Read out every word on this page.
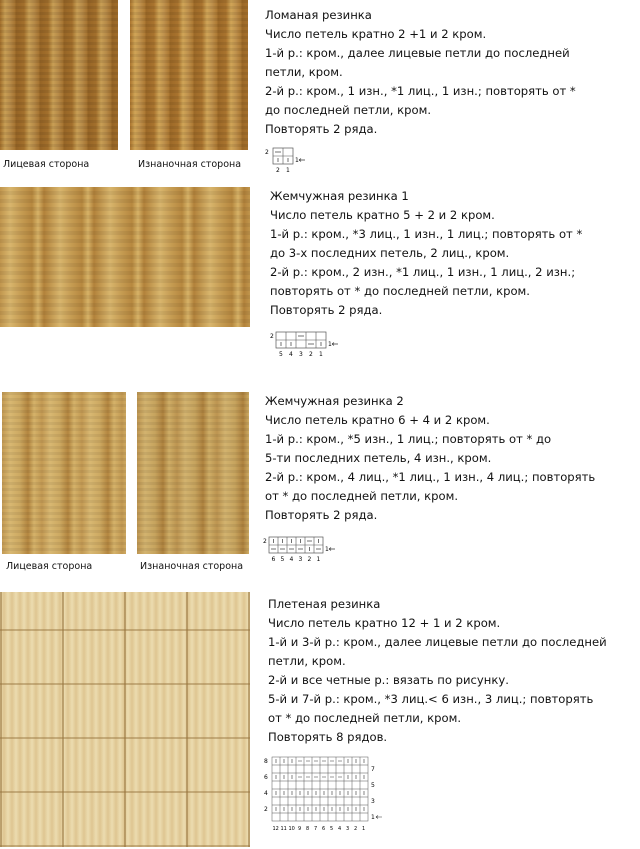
Лицевая сторона	Изнаночная сторона
Ломаная резинка
Число петель кратно 2 +1 и 2 кром.
1-й р.: кром., далее лицевые петли до последней
петли, кром.
2-й р.: кром., 1 изн., *1 лиц., 1 изн.; повторять от *
до последней петли, кром.
Повторять 2 ряда.
2
1
2 1
Жемчужная резинка 1
Число петель кратно 5 + 2 и 2 кром.
1-й р.: кром., *3 лиц., 1 изн., 1 лиц.; повторять от *
до 3-х последних петель, 2 лиц., кром.
2-й р.: кром., 2 изн., *1 лиц., 1 изн., 1 лиц., 2 изн.;
повторять от * до последней петли, кром.
Повторять 2 ряда.
2
1
5 4 3 2 1
Лицевая сторона	Изнаночная сторона
Жемчужная резинка 2
Число петель кратно 6 + 4 и 2 кром.
1-й р.: кром., *5 изн., 1 лиц.; повторять от * до
5-ти последних петель, 4 изн., кром.
2-й р.: кром., 4 лиц., *1 лиц., 1 изн., 4 лиц.; повторять
от * до последней петли, кром.
Повторять 2 ряда.
2
1
6 5 4 3 2 1
Плетеная резинка
Число петель кратно 12 + 1 и 2 кром.
1-й и 3-й р.: кром., далее лицевые петли до последней
петли, кром.
2-й и все четные р.: вязать по рисунку.
5-й и 7-й р.: кром., *3 лиц.< 6 изн., 3 лиц.; повторять
от * до последней петли, кром.
Повторять 8 рядов.
8
6
4
2
7
5
3
1
12 11 10 9 8 7 6 5 4 3 2 1
